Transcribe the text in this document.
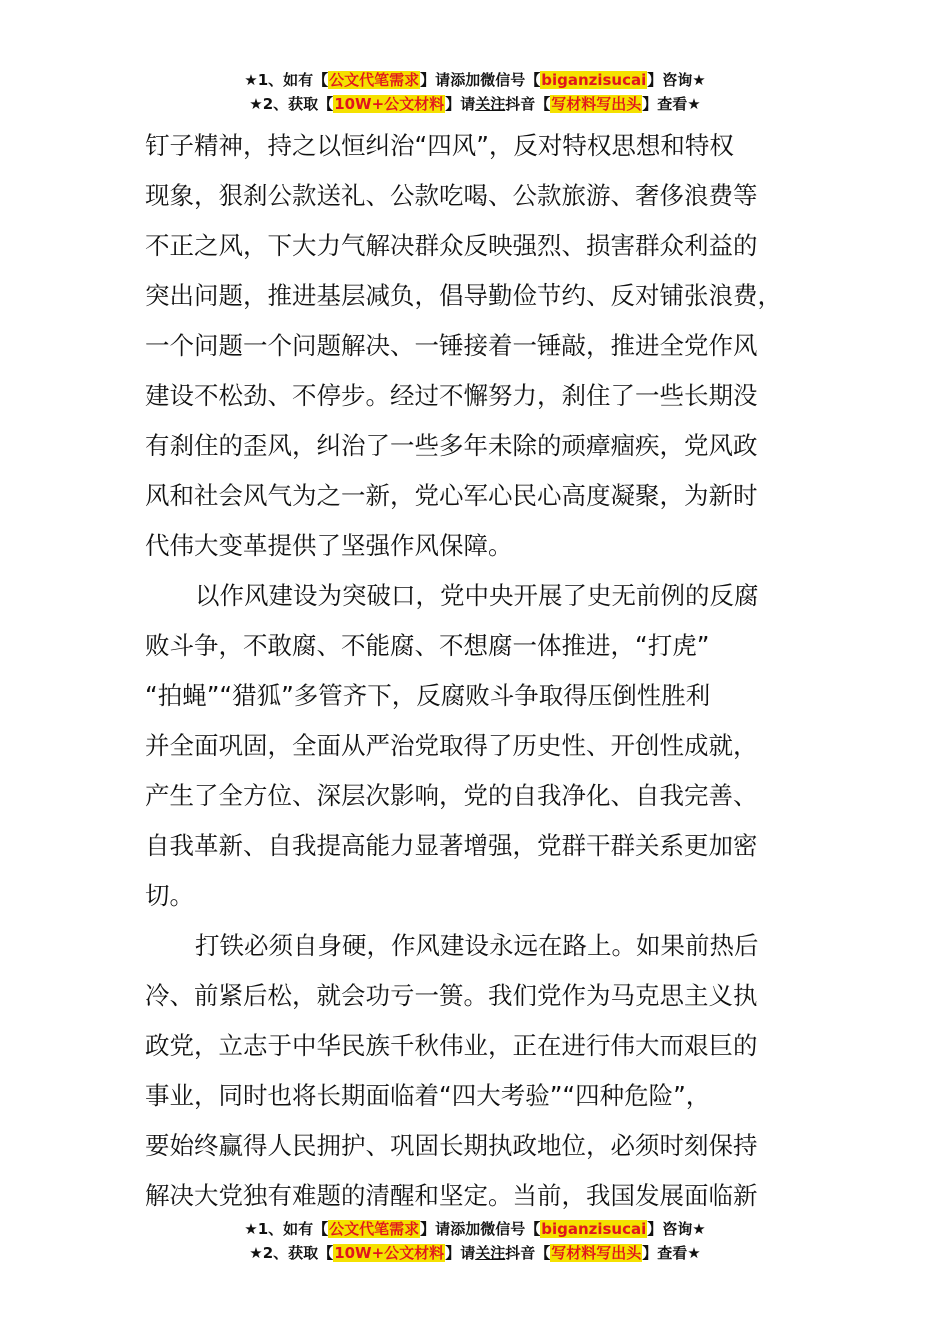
★1、如有【公文代笔需求】请添加微信号【biganzisucai】咨询★
★2、获取【10W+公文材料】请关注抖音【写材料写出头】查看★
钉子精神，持之以恒纠治“四风”，反对特权思想和特权
现象，狠刹公款送礼、公款吃喝、公款旅游、奢侈浪费等
不正之风，下大力气解决群众反映强烈、损害群众利益的
突出问题，推进基层减负，倡导勤俭节约、反对铺张浪费，
一个问题一个问题解决、一锤接着一锤敲，推进全党作风
建设不松劲、不停步。经过不懈努力，刹住了一些长期没
有刹住的歪风，纠治了一些多年未除的顽瘴痼疾，党风政
风和社会风气为之一新，党心军心民心高度凝聚，为新时
代伟大变革提供了坚强作风保障。
以作风建设为突破口，党中央开展了史无前例的反腐
败斗争，不敢腐、不能腐、不想腐一体推进，“打虎”
“拍蝇”“猎狐”多管齐下，反腐败斗争取得压倒性胜利
并全面巩固，全面从严治党取得了历史性、开创性成就，
产生了全方位、深层次影响，党的自我净化、自我完善、
自我革新、自我提高能力显著增强，党群干群关系更加密
切。
打铁必须自身硬，作风建设永远在路上。如果前热后
冷、前紧后松，就会功亏一篑。我们党作为马克思主义执
政党，立志于中华民族千秋伟业，正在进行伟大而艰巨的
事业，同时也将长期面临着“四大考验”“四种危险”，
要始终赢得人民拥护、巩固长期执政地位，必须时刻保持
解决大党独有难题的清醒和坚定。当前，我国发展面临新
★1、如有【公文代笔需求】请添加微信号【biganzisucai】咨询★
★2、获取【10W+公文材料】请关注抖音【写材料写出头】查看★
